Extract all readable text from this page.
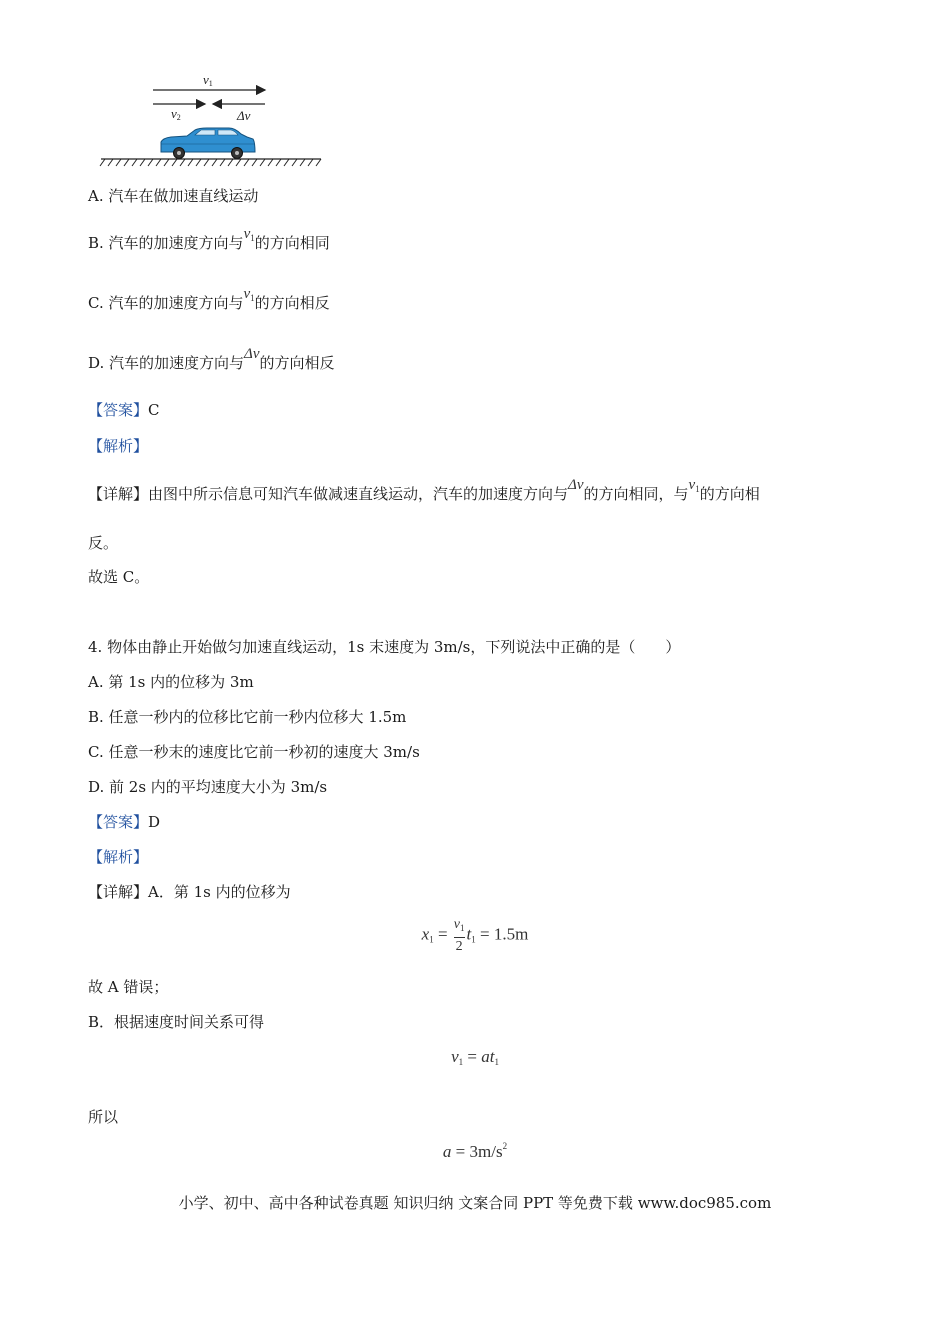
v1
v2	Δv
A. 汽车在做加速直线运动
B. 汽车的加速度方向与$v_1$的方向相同
C. 汽车的加速度方向与$v_1$的方向相反
D. 汽车的加速度方向与Δv的方向相反
【答案】C
【解析】
【详解】由图中所示信息可知汽车做减速直线运动，汽车的加速度方向与Δv的方向相同，与$v_1$的方向相
反。
故选 C。
4. 物体由静止开始做匀加速直线运动，1s 末速度为 3m/s，下列说法中正确的是（　　）
A. 第 1s 内的位移为 3m
B. 任意一秒内的位移比它前一秒内位移大 1.5m
C. 任意一秒末的速度比它前一秒初的速度大 3m/s
D. 前 2s 内的平均速度大小为 3m/s
【答案】D
【解析】
【详解】A．第 1s 内的位移为
$x_1 = \frac{v_1}{2} t_1 = 1.5m$
故 A 错误；
B．根据速度时间关系可得
$v_1 = at_1$
所以
$a = 3m/s^2$
小学、初中、高中各种试卷真题 知识归纳 文案合同 PPT 等免费下载 www.doc985.com
